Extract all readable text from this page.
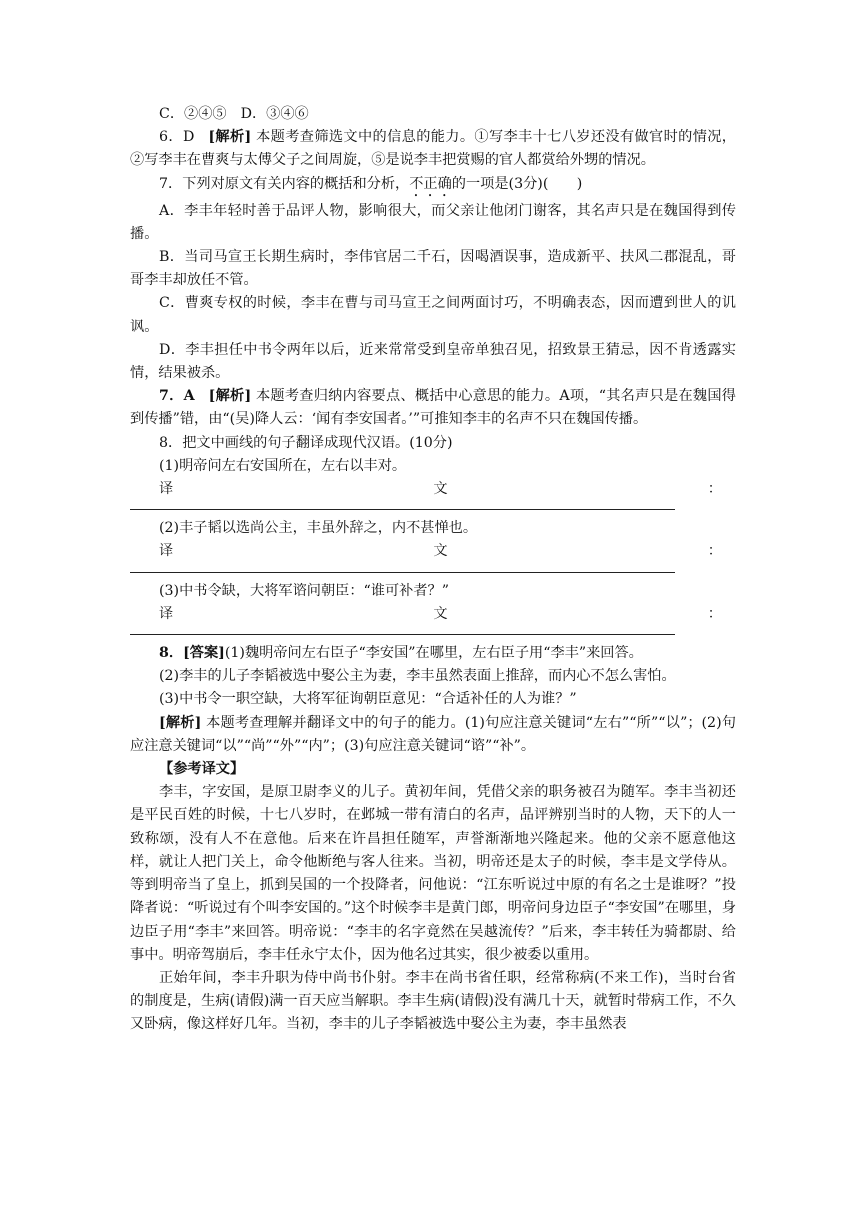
C．②④⑤ D．③④⑥

6．D [解析] 本题考查筛选文中的信息的能力。①写李丰十七八岁还没有做官时的情况，②写李丰在曹爽与太傅父子之间周旋，⑤是说李丰把赏赐的官人都赏给外甥的情况。

7．下列对原文有关内容的概括和分析，不正确的一项是(3分)(　　)

A．李丰年轻时善于品评人物，影响很大，而父亲让他闭门谢客，其名声只是在魏国得到传播。

B．当司马宣王长期生病时，李伟官居二千石，因喝酒误事，造成新平、扶风二郡混乱，哥哥李丰却放任不管。

C．曹爽专权的时候，李丰在曹与司马宣王之间两面讨巧，不明确表态，因而遭到世人的讥讽。

D．李丰担任中书令两年以后，近来常常受到皇帝单独召见，招致景王猜忌，因不肯透露实情，结果被杀。

7．A [解析] 本题考查归纳内容要点、概括中心意思的能力。A项，“其名声只是在魏国得到传播”错，由“(吴)降人云：‘闻有李安国者。’”可推知李丰的名声不只在魏国传播。

8．把文中画线的句子翻译成现代汉语。(10分)

(1)明帝问左右安国所在，左右以丰对。

译	文	：

(2)丰子韬以选尚公主，丰虽外辞之，内不甚惮也。

译	文	：

(3)中书令缺，大将军谘问朝臣：“谁可补者？”

译	文	：

8．[答案](1)魏明帝问左右臣子“李安国”在哪里，左右臣子用“李丰”来回答。

(2)李丰的儿子李韬被选中娶公主为妻，李丰虽然表面上推辞，而内心不怎么害怕。

(3)中书令一职空缺，大将军征询朝臣意见：“合适补任的人为谁？”

[解析] 本题考查理解并翻译文中的句子的能力。(1)句应注意关键词“左右”“所”“以”；(2)句应注意关键词“以”“尚”“外”“内”；(3)句应注意关键词“谘”“补”。

【参考译文】

李丰，字安国，是原卫尉李义的儿子。黄初年间，凭借父亲的职务被召为随军。李丰当初还是平民百姓的时候，十七八岁时，在邺城一带有清白的名声，品评辨别当时的人物，天下的人一致称颂，没有人不在意他。后来在许昌担任随军，声誉渐渐地兴隆起来。他的父亲不愿意他这样，就让人把门关上，命令他断绝与客人往来。当初，明帝还是太子的时候，李丰是文学侍从。等到明帝当了皇上，抓到吴国的一个投降者，问他说：“江东听说过中原的有名之士是谁呀？”投降者说：“听说过有个叫李安国的。”这个时候李丰是黄门郎，明帝问身边臣子“李安国”在哪里，身边臣子用“李丰”来回答。明帝说：“李丰的名字竟然在吴越流传？”后来，李丰转任为骑都尉、给事中。明帝驾崩后，李丰任永宁太仆，因为他名过其实，很少被委以重用。

正始年间，李丰升职为侍中尚书仆射。李丰在尚书省任职，经常称病(不来工作)，当时台省的制度是，生病(请假)满一百天应当解职。李丰生病(请假)没有满几十天，就暂时带病工作，不久又卧病，像这样好几年。当初，李丰的儿子李韬被选中娶公主为妻，李丰虽然表
